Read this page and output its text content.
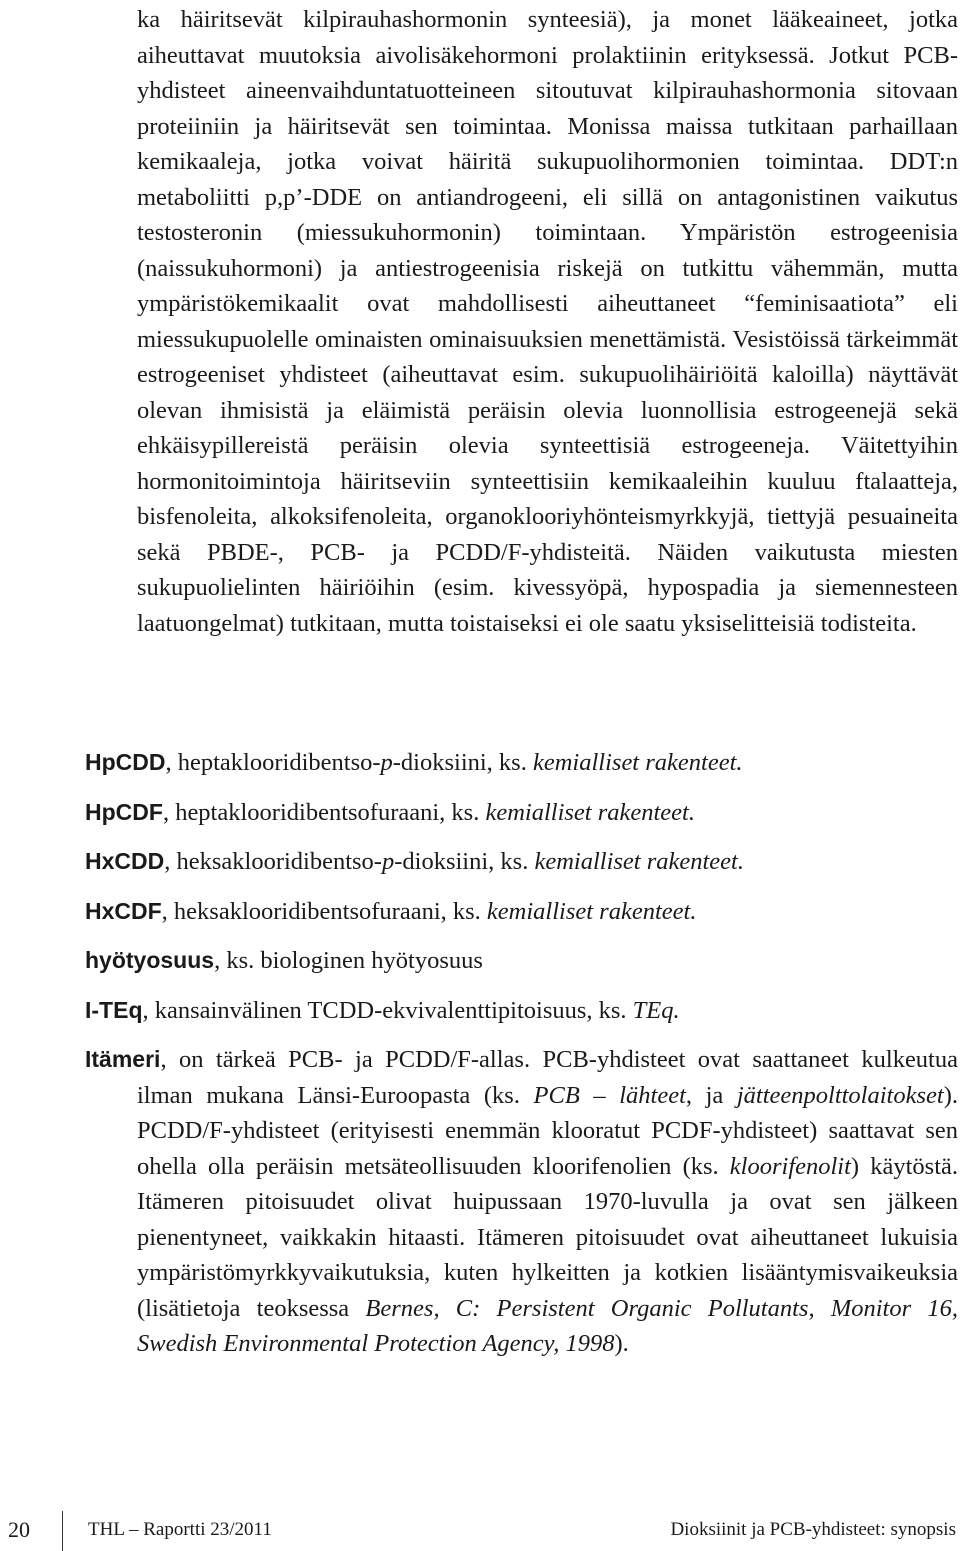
ka häiritsevät kilpirauhashormonin synteesiä), ja monet lääkeaineet, jotka aiheuttavat muutoksia aivolisäkehormoni prolaktiinin erityksessä. Jotkut PCB-yhdisteet aineenvaihduntatuotteineen sitoutuvat kilpirauhashormonia sitovaan proteiiniin ja häiritsevät sen toimintaa. Monissa maissa tutkitaan parhaillaan kemikaaleja, jotka voivat häiritä sukupuolihormonien toimintaa. DDT:n metaboliitti p,p’-DDE on antiandrogeeni, eli sillä on antagonistinen vaikutus testosteronin (miessukuhormonin) toimintaan. Ympäristön estrogeenisia (naissukuhormoni) ja antiestrogeenisia riskejä on tutkittu vähemmän, mutta ympäristökemikaalit ovat mahdollisesti aiheuttaneet “feminisaatiota” eli miessukupuolelle ominaisten ominaisuuksien menettämistä. Vesistöissä tärkeimmät estrogeeniset yhdisteet (aiheuttavat esim. sukupuolihäiriöitä kaloilla) näyttävät olevan ihmisistä ja eläimistä peräisin olevia luonnollisia estrogeenejä sekä ehkäisypillereistä peräisin olevia synteettisiä estrogeeneja. Väitettyihin hormonitoimintoja häiritseviin synteettisiin kemikaaleihin kuuluu ftalaatteja, bisfenoleita, alkoksifenoleita, organoklooriyhönteismyrkkyjä, tiettyjä pesuaineita sekä PBDE-, PCB- ja PCDD/F-yhdisteitä. Näiden vaikutusta miesten sukupuolielinten häiriöihin (esim. kivessyöpä, hypospadia ja siemennesteen laatuongelmat) tutkitaan, mutta toistaiseksi ei ole saatu yksiselitteisiä todisteita.

HpCDD, heptaklooridibentso-p-dioksiini, ks. kemialliset rakenteet.

HpCDF, heptaklooridibentsofuraani, ks. kemialliset rakenteet.

HxCDD, heksaklooridibentso-p-dioksiini, ks. kemialliset rakenteet.

HxCDF, heksaklooridibentsofuraani, ks. kemialliset rakenteet.

hyötyosuus, ks. biologinen hyötyosuus

I-TEq, kansainvälinen TCDD-ekvivalenttipitoisuus, ks. TEq.

Itämeri, on tärkeä PCB- ja PCDD/F-allas. PCB-yhdisteet ovat saattaneet kulkeutua ilman mukana Länsi-Euroopasta (ks. PCB – lähteet, ja jätteenpolttolaitokset). PCDD/F-yhdisteet (erityisesti enemmän klooratut PCDF-yhdisteet) saattavat sen ohella olla peräisin metsäteollisuuden kloorifenolien (ks. kloorifenolit) käytöstä. Itämeren pitoisuudet olivat huipussaan 1970-luvulla ja ovat sen jälkeen pienentyneet, vaikkakin hitaasti. Itämeren pitoisuudet ovat aiheuttaneet lukuisia ympäristömyrkkyvaikutuksia, kuten hylkeitten ja kotkien lisääntymisvaikeuksia (lisätietoja teoksessa Bernes, C: Persistent Organic Pollutants, Monitor 16, Swedish Environmental Protection Agency, 1998).

20	THL – Raportti 23/2011	Dioksiinit ja PCB-yhdisteet: synopsis
